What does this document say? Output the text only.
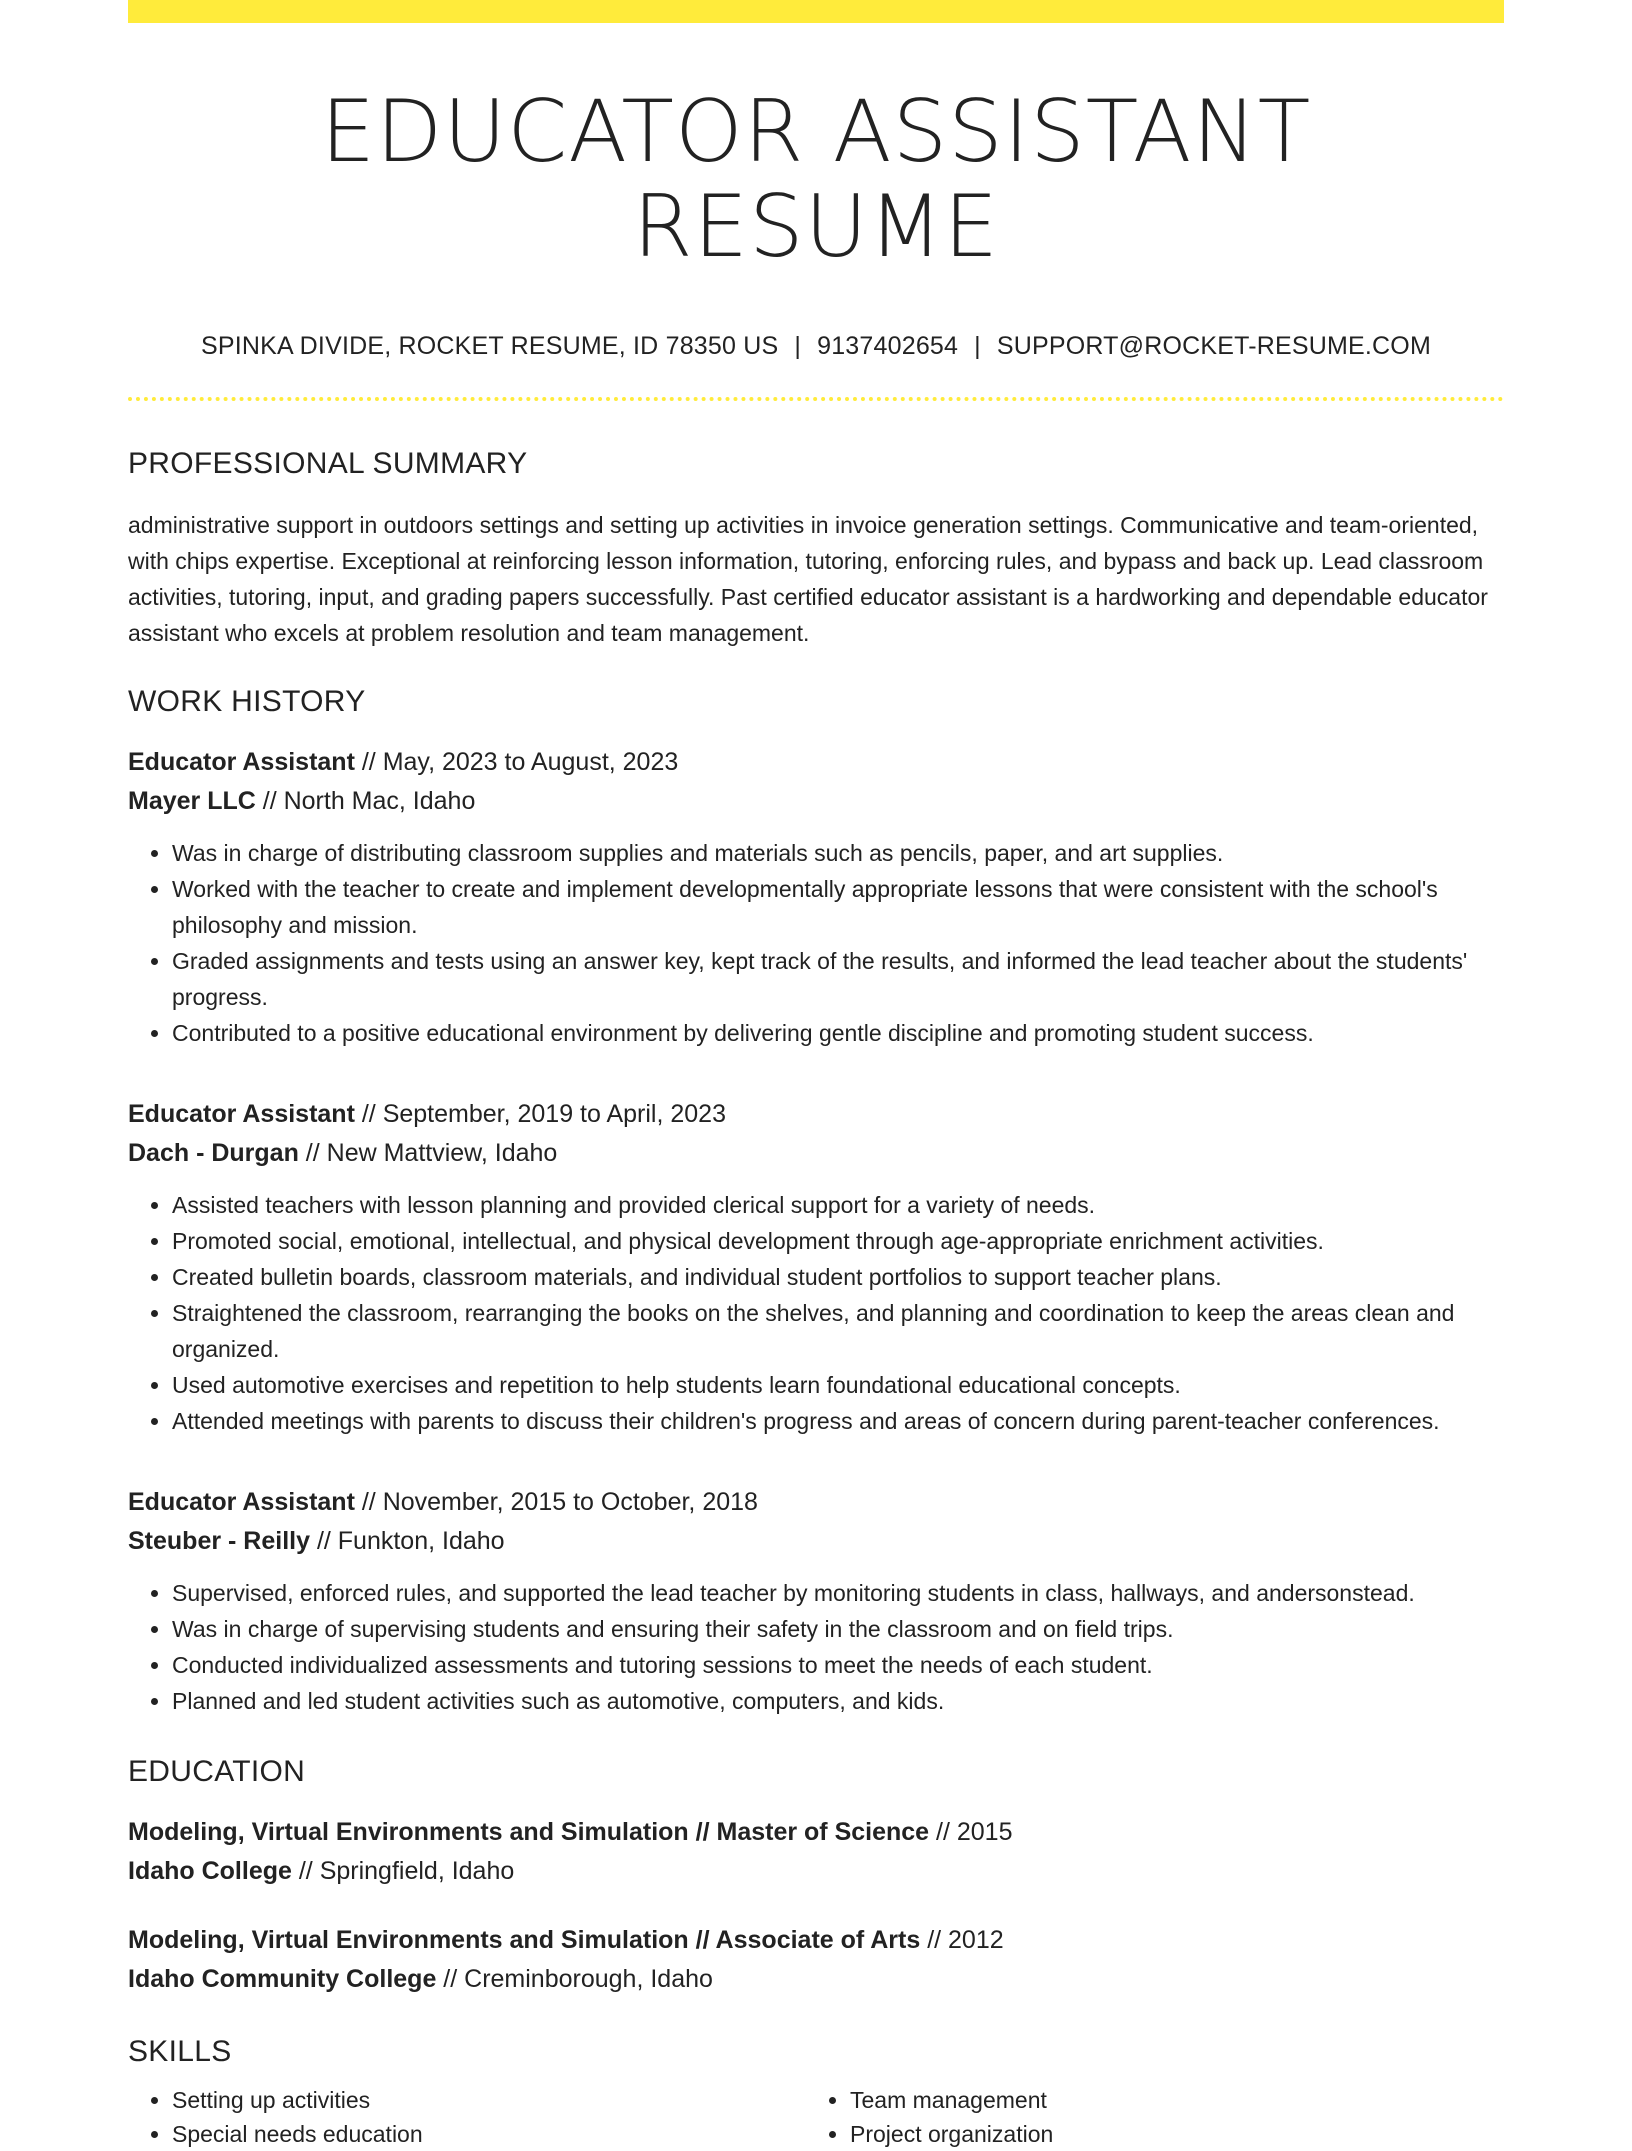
EDUCATOR ASSISTANT RESUME
SPINKA DIVIDE, ROCKET RESUME, ID 78350 US | 9137402654 | SUPPORT@ROCKET-RESUME.COM
PROFESSIONAL SUMMARY
administrative support in outdoors settings and setting up activities in invoice generation settings. Communicative and team-oriented, with chips expertise. Exceptional at reinforcing lesson information, tutoring, enforcing rules, and bypass and back up. Lead classroom activities, tutoring, input, and grading papers successfully. Past certified educator assistant is a hardworking and dependable educator assistant who excels at problem resolution and team management.
WORK HISTORY
Educator Assistant // May, 2023 to August, 2023
Mayer LLC // North Mac, Idaho
• Was in charge of distributing classroom supplies and materials such as pencils, paper, and art supplies.
• Worked with the teacher to create and implement developmentally appropriate lessons that were consistent with the school's philosophy and mission.
• Graded assignments and tests using an answer key, kept track of the results, and informed the lead teacher about the students' progress.
• Contributed to a positive educational environment by delivering gentle discipline and promoting student success.
Educator Assistant // September, 2019 to April, 2023
Dach - Durgan // New Mattview, Idaho
• Assisted teachers with lesson planning and provided clerical support for a variety of needs.
• Promoted social, emotional, intellectual, and physical development through age-appropriate enrichment activities.
• Created bulletin boards, classroom materials, and individual student portfolios to support teacher plans.
• Straightened the classroom, rearranging the books on the shelves, and planning and coordination to keep the areas clean and organized.
• Used automotive exercises and repetition to help students learn foundational educational concepts.
• Attended meetings with parents to discuss their children's progress and areas of concern during parent-teacher conferences.
Educator Assistant // November, 2015 to October, 2018
Steuber - Reilly // Funkton, Idaho
• Supervised, enforced rules, and supported the lead teacher by monitoring students in class, hallways, and andersonstead.
• Was in charge of supervising students and ensuring their safety in the classroom and on field trips.
• Conducted individualized assessments and tutoring sessions to meet the needs of each student.
• Planned and led student activities such as automotive, computers, and kids.
EDUCATION
Modeling, Virtual Environments and Simulation // Master of Science // 2015
Idaho College // Springfield, Idaho
Modeling, Virtual Environments and Simulation // Associate of Arts // 2012
Idaho Community College // Creminborough, Idaho
SKILLS
• Setting up activities
• Special needs education
• Team management
• Project organization
